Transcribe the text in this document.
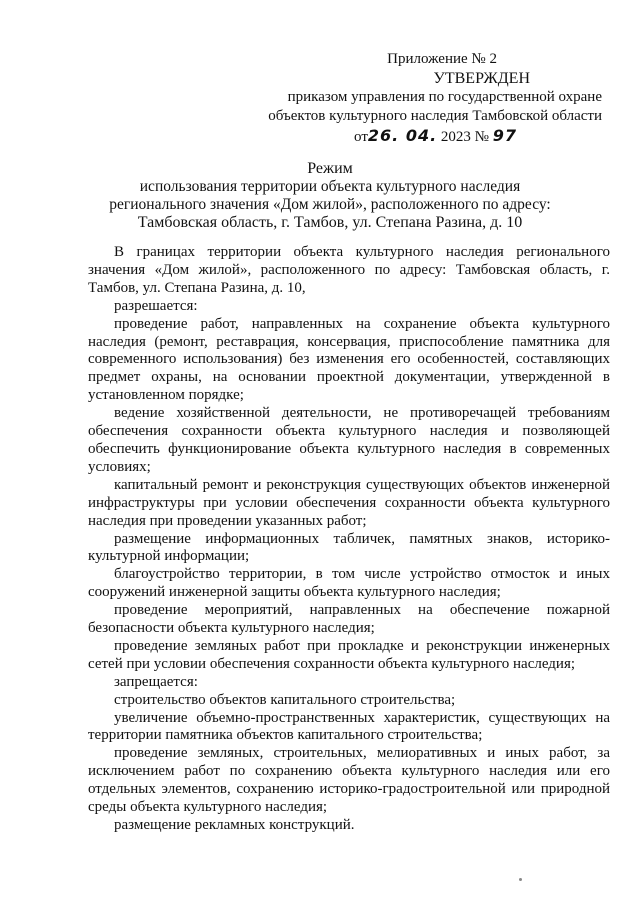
Приложение № 2
УТВЕРЖДЕН
приказом управления по государственной охране
объектов культурного наследия Тамбовской области
от26. 04. 2023 № 97
Режим
использования территории объекта культурного наследия
регионального значения «Дом жилой», расположенного по адресу:
Тамбовская область, г. Тамбов, ул. Степана Разина, д. 10

В границах территории объекта культурного наследия регионального значения «Дом жилой», расположенного по адресу: Тамбовская область, г. Тамбов, ул. Степана Разина, д. 10,

разрешается:

проведение работ, направленных на сохранение объекта культурного наследия (ремонт, реставрация, консервация, приспособление памятника для современного использования) без изменения его особенностей, составляющих предмет охраны, на основании проектной документации, утвержденной в установленном порядке;

ведение хозяйственной деятельности, не противоречащей требованиям обеспечения сохранности объекта культурного наследия и позволяющей обеспечить функционирование объекта культурного наследия в современных условиях;

капитальный ремонт и реконструкция существующих объектов инженерной инфраструктуры при условии обеспечения сохранности объекта культурного наследия при проведении указанных работ;

размещение информационных табличек, памятных знаков, историко-культурной информации;

благоустройство территории, в том числе устройство отмосток и иных сооружений инженерной защиты объекта культурного наследия;

проведение мероприятий, направленных на обеспечение пожарной безопасности объекта культурного наследия;

проведение земляных работ при прокладке и реконструкции инженерных сетей при условии обеспечения сохранности объекта культурного наследия;

запрещается:

строительство объектов капитального строительства;

увеличение объемно-пространственных характеристик, существующих на территории памятника объектов капитального строительства;

проведение земляных, строительных, мелиоративных и иных работ, за исключением работ по сохранению объекта культурного наследия или его отдельных элементов, сохранению историко-градостроительной или природной среды объекта культурного наследия;

размещение рекламных конструкций.
